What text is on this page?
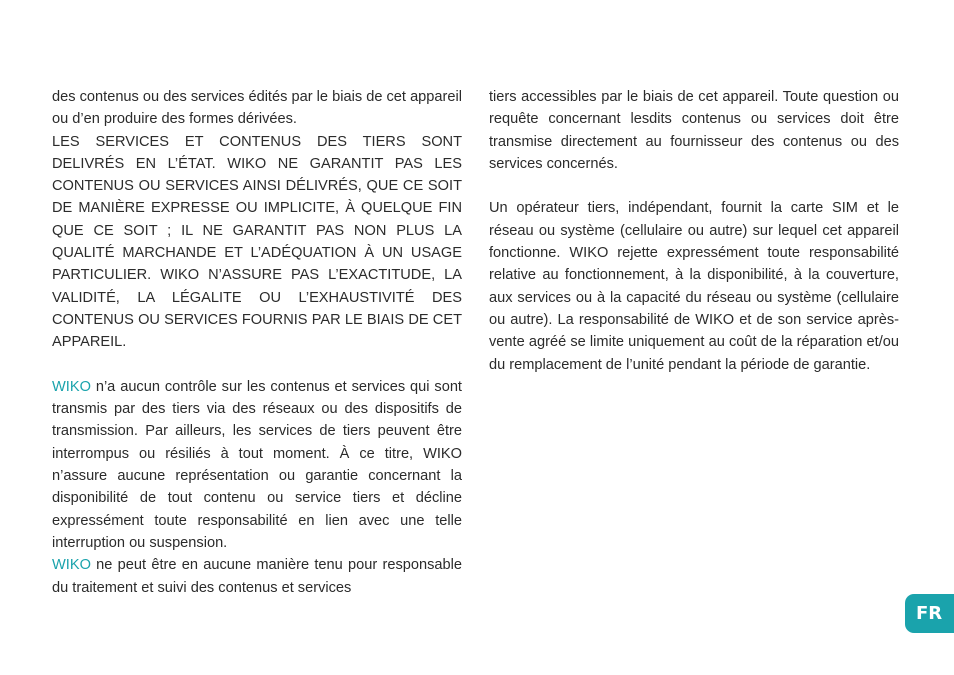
des contenus ou des services édités par le biais de cet appareil ou d’en produire des formes dérivées.

LES SERVICES ET CONTENUS DES TIERS SONT DELIVRÉS EN L’ÉTAT. WIKO NE GARANTIT PAS LES CONTENUS OU SERVICES AINSI DÉLIVRÉS, QUE CE SOIT DE MANIÈRE EXPRESSE OU IMPLICITE, À QUELQUE FIN QUE CE SOIT ; IL NE GARANTIT PAS NON PLUS LA QUALITÉ MARCHANDE ET L’ADÉQUATION À UN USAGE PARTICULIER. WIKO N’ASSURE PAS L’EXACTITUDE, LA VALIDITÉ, LA LÉGALITE OU L’EXHAUSTIVITÉ DES CONTENUS OU SERVICES FOURNIS PAR LE BIAIS DE CET APPAREIL.

WIKO n’a aucun contrôle sur les contenus et services qui sont transmis par des tiers via des réseaux ou des dispositifs de transmission. Par ailleurs, les services de tiers peuvent être interrompus ou résiliés à tout moment. À ce titre, WIKO n’assure aucune représentation ou garantie concernant la disponibilité de tout contenu ou service tiers et décline expressément toute responsabilité en lien avec une telle interruption ou suspension.

WIKO ne peut être en aucune manière tenu pour responsable du traitement et suivi des contenus et services

tiers accessibles par le biais de cet appareil. Toute question ou requête concernant lesdits contenus ou services doit être transmise directement au fournisseur des contenus ou des services concernés.

Un opérateur tiers, indépendant, fournit la carte SIM et le réseau ou système (cellulaire ou autre) sur lequel cet appareil fonctionne. WIKO rejette expressément toute responsabilité relative au fonctionnement, à la disponibilité, à la couverture, aux services ou à la capacité du réseau ou système (cellulaire ou autre). La responsabilité de WIKO et de son service après-vente agréé se limite uniquement au coût de la réparation et/ou du remplacement de l’unité pendant la période de garantie.

FR
